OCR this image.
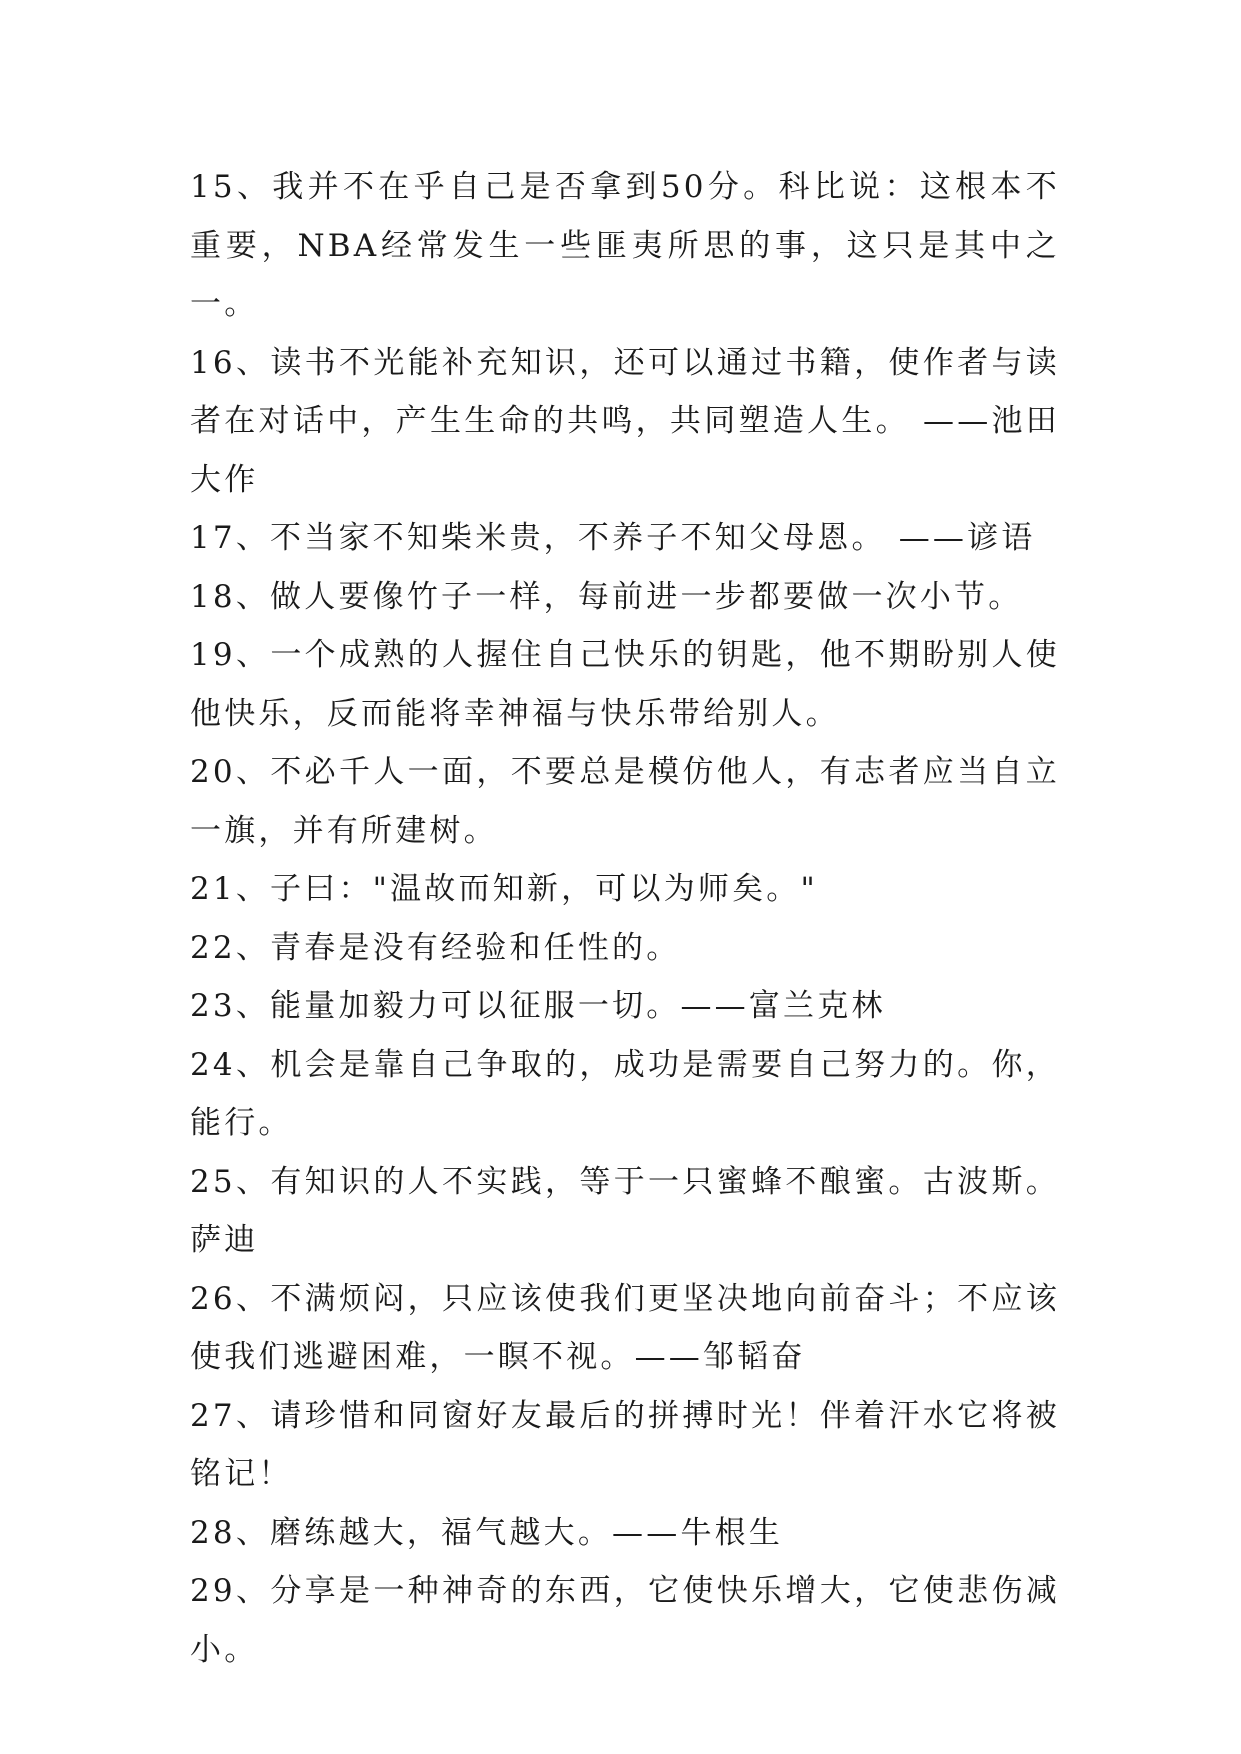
15、我并不在乎自己是否拿到50分。科比说：这根本不重要，NBA经常发生一些匪夷所思的事，这只是其中之一。

16、读书不光能补充知识，还可以通过书籍，使作者与读者在对话中，产生生命的共鸣，共同塑造人生。 ——池田大作

17、不当家不知柴米贵，不养子不知父母恩。 ——谚语

18、做人要像竹子一样，每前进一步都要做一次小节。

19、一个成熟的人握住自己快乐的钥匙，他不期盼别人使他快乐，反而能将幸神福与快乐带给别人。

20、不必千人一面，不要总是模仿他人，有志者应当自立一旗，并有所建树。

21、子曰："温故而知新，可以为师矣。"

22、青春是没有经验和任性的。

23、能量加毅力可以征服一切。——富兰克林

24、机会是靠自己争取的，成功是需要自己努力的。你，能行。

25、有知识的人不实践，等于一只蜜蜂不酿蜜。古波斯。萨迪

26、不满烦闷，只应该使我们更坚决地向前奋斗；不应该使我们逃避困难，一瞑不视。——邹韬奋

27、请珍惜和同窗好友最后的拼搏时光！伴着汗水它将被铭记！

28、磨练越大，福气越大。——牛根生

29、分享是一种神奇的东西，它使快乐增大，它使悲伤减小。
